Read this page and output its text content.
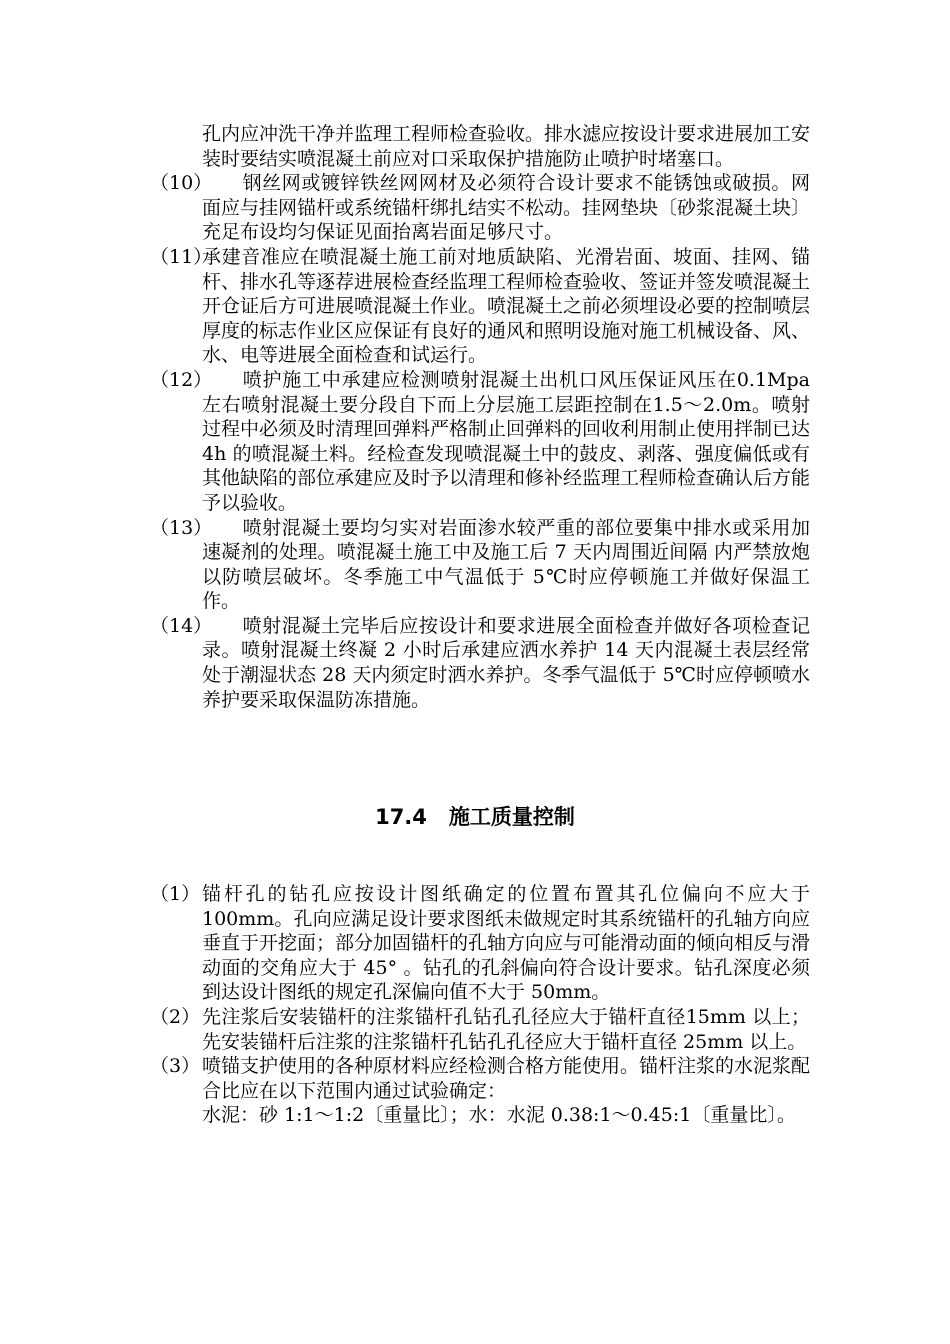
孔内应冲洗干净并监理工程师检查验收。排水滤应按设计要求进展加工安装时要结实喷混凝土前应对口采取保护措施防止喷护时堵塞口。
（10） 钢丝网或镀锌铁丝网网材及必须符合设计要求不能锈蚀或破损。网面应与挂网锚杆或系统锚杆绑扎结实不松动。挂网垫块〔砂浆混凝土块〕充足布设均匀保证见面抬离岩面足够尺寸。
（11）
承建音准应在喷混凝土施工前对地质缺陷、光滑岩面、坡面、挂网、锚杆、排水孔等逐荐进展检查经监理工程师检查验收、签证并签发喷混凝土开仓证后方可进展喷混凝土作业。喷混凝土之前必须埋设必要的控制喷层厚度的标志作业区应保证有良好的通风和照明设施对施工机械设备、风、水、电等进展全面检查和试运行。
（12） 喷护施工中承建应检测喷射混凝土出机口风压保证风压在0.1Mpa 左右喷射混凝土要分段自下而上分层施工层距控制在1.5～2.0m。喷射过程中必须及时清理回弹料严格制止回弹料的回收利用制止使用拌制已达 4h 的喷混凝土料。经检查发现喷混凝土中的鼓皮、剥落、强度偏低或有其他缺陷的部位承建应及时予以清理和修补经监理工程师检查确认后方能予以验收。
（13） 喷射混凝土要均匀实对岩面渗水较严重的部位要集中排水或采用加速凝剂的处理。喷混凝土施工中及施工后 7 天内周围近间隔 内严禁放炮以防喷层破坏。冬季施工中气温低于 5℃时应停顿施工并做好保温工作。
（14） 喷射混凝土完毕后应按设计和要求进展全面检查并做好各项检查记录。喷射混凝土终凝 2 小时后承建应洒水养护 14 天内混凝土表层经常处于潮湿状态 28 天内须定时洒水养护。冬季气温低于 5℃时应停顿喷水养护要采取保温防冻措施。
17.4 施工质量控制
（1） 锚杆孔的钻孔应按设计图纸确定的位置布置其孔位偏向不应大于 100mm。孔向应满足设计要求图纸未做规定时其系统锚杆的孔轴方向应垂直于开挖面；部分加固锚杆的孔轴方向应与可能滑动面的倾向相反与滑动面的交角应大于 45° 。钻孔的孔斜偏向符合设计要求。钻孔深度必须到达设计图纸的规定孔深偏向值不大于 50mm。
（2） 先注浆后安装锚杆的注浆锚杆孔钻孔孔径应大于锚杆直径15mm 以上；先安装锚杆后注浆的注浆锚杆孔钻孔孔径应大于锚杆直径 25mm 以上。
（3） 喷锚支护使用的各种原材料应经检测合格方能使用。锚杆注浆的水泥浆配合比应在以下范围内通过试验确定：
水泥：砂 1:1～1:2〔重量比〕；水：水泥 0.38:1～0.45:1〔重量比〕。
